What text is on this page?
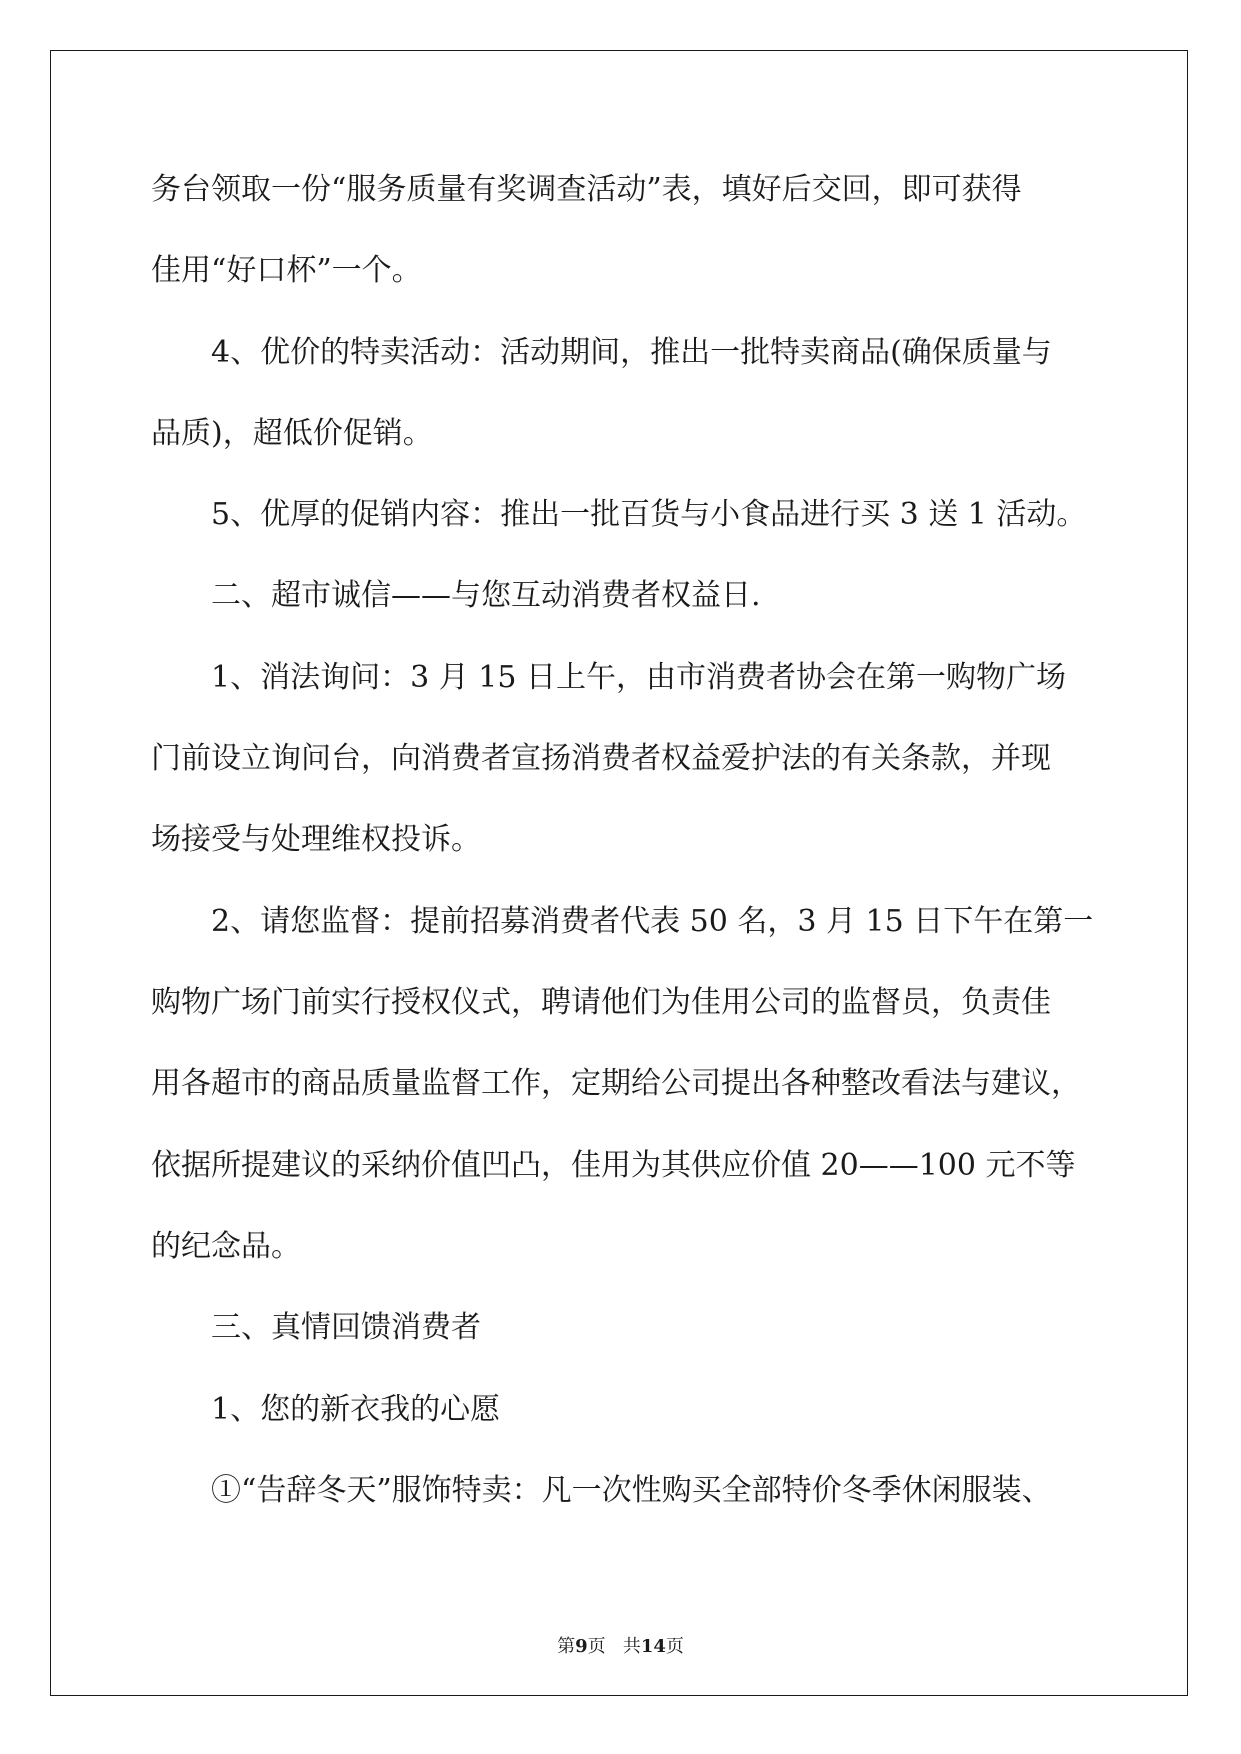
务台领取一份“服务质量有奖调查活动”表，填好后交回，即可获得

佳用“好口杯”一个。

　　4、优价的特卖活动：活动期间，推出一批特卖商品(确保质量与

品质)，超低价促销。

　　5、优厚的促销内容：推出一批百货与小食品进行买 3 送 1 活动。

　　二、超市诚信——与您互动消费者权益日.

　　1、消法询问：3 月 15 日上午，由市消费者协会在第一购物广场

门前设立询问台，向消费者宣扬消费者权益爱护法的有关条款，并现

场接受与处理维权投诉。

　　2、请您监督：提前招募消费者代表 50 名，3 月 15 日下午在第一

购物广场门前实行授权仪式，聘请他们为佳用公司的监督员，负责佳

用各超市的商品质量监督工作，定期给公司提出各种整改看法与建议，

依据所提建议的采纳价值凹凸，佳用为其供应价值 20——100 元不等

的纪念品。

　　三、真情回馈消费者

　　1、您的新衣我的心愿

　　①“告辞冬天”服饰特卖：凡一次性购买全部特价冬季休闲服装、

第9页 共14页
